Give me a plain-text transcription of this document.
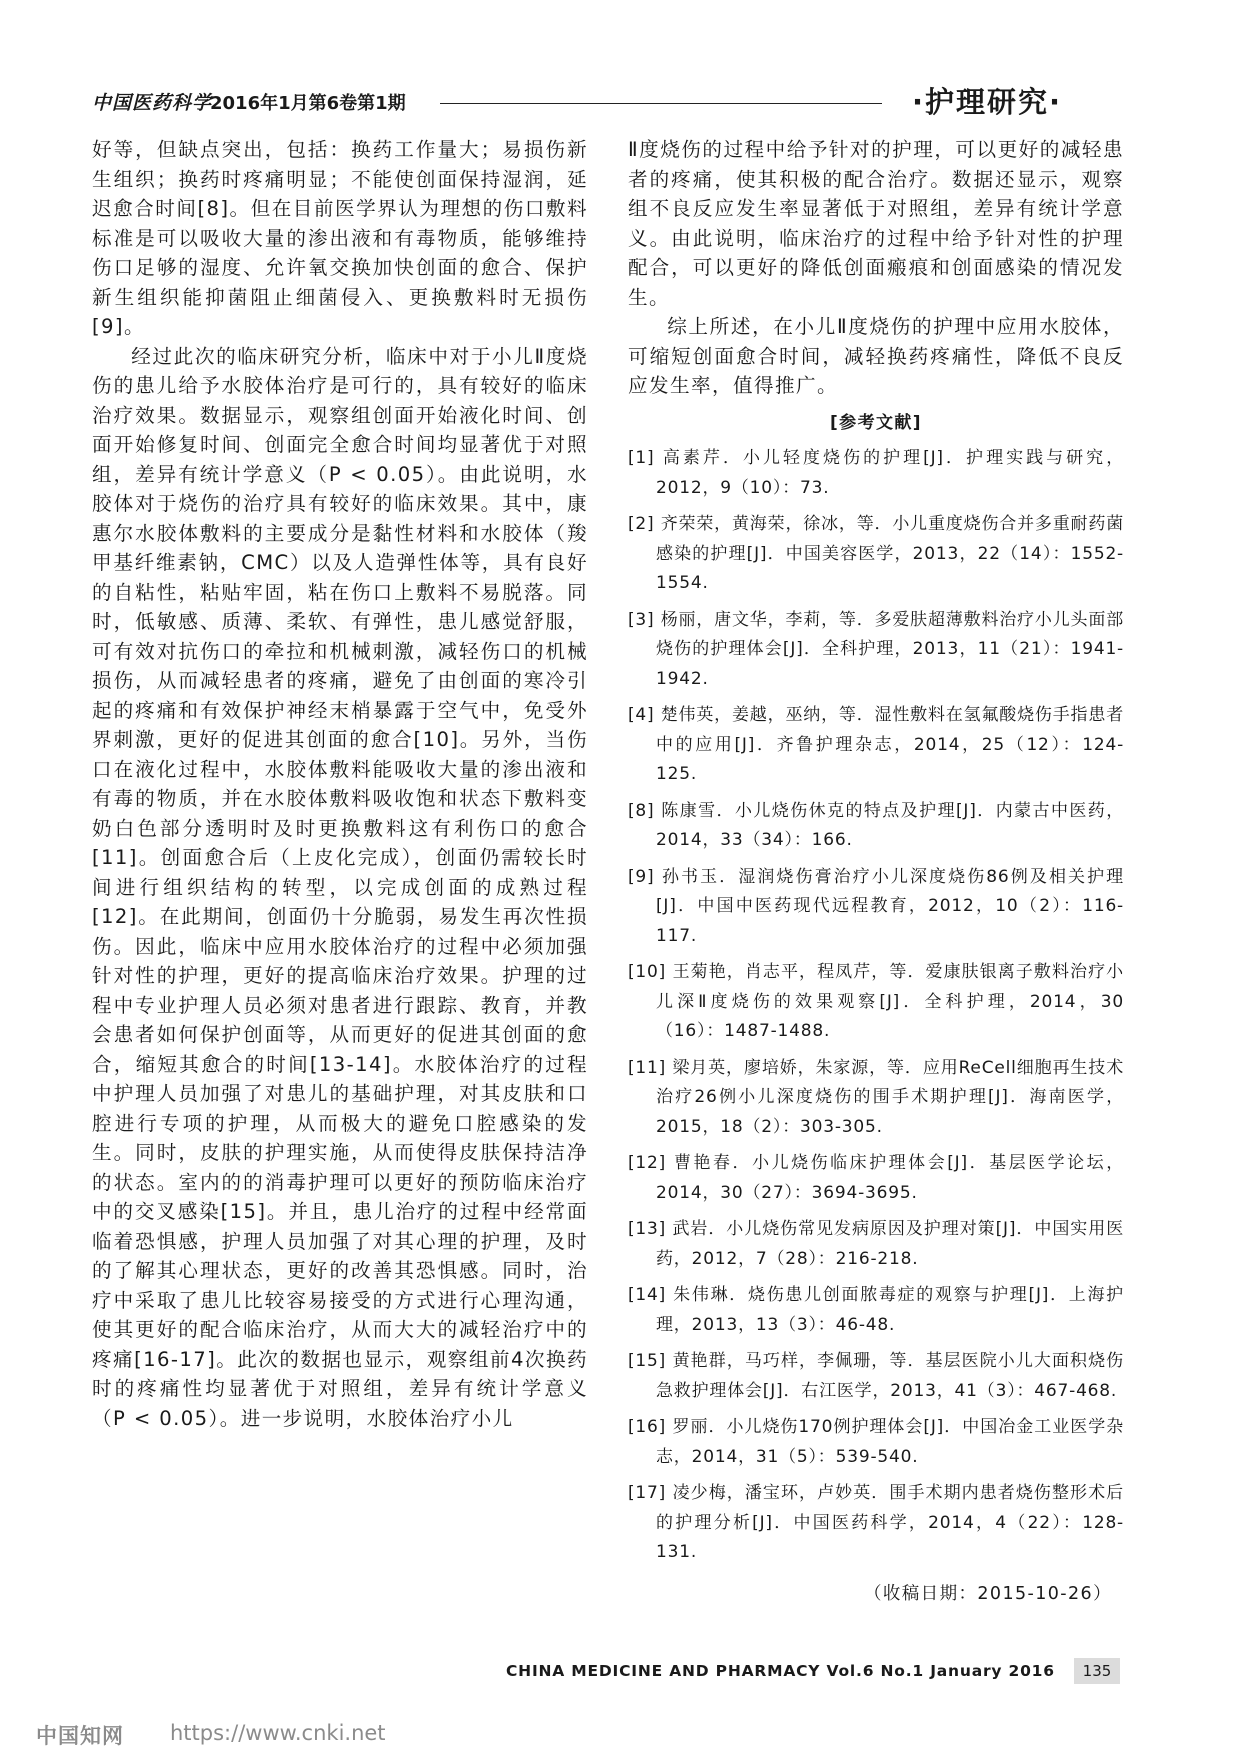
中国医药科学
2016年1月第6卷第1期	·护理研究·

好等，但缺点突出，包括：换药工作量大；易损伤新生组织；换药时疼痛明显；不能使创面保持湿润，延迟愈合时间[8]。但在目前医学界认为理想的伤口敷料标准是可以吸收大量的渗出液和有毒物质，能够维持伤口足够的湿度、允许氧交换加快创面的愈合、保护新生组织能抑菌阻止细菌侵入、更换敷料时无损伤[9]。

经过此次的临床研究分析，临床中对于小儿Ⅱ度烧伤的患儿给予水胶体治疗是可行的，具有较好的临床治疗效果。数据显示，观察组创面开始液化时间、创面开始修复时间、创面完全愈合时间均显著优于对照组，差异有统计学意义（P < 0.05）。由此说明，水胶体对于烧伤的治疗具有较好的临床效果。其中，康惠尔水胶体敷料的主要成分是黏性材料和水胶体（羧甲基纤维素钠，CMC）以及人造弹性体等，具有良好的自粘性，粘贴牢固，粘在伤口上敷料不易脱落。同时，低敏感、质薄、柔软、有弹性，患儿感觉舒服，可有效对抗伤口的牵拉和机械刺激，减轻伤口的机械损伤，从而减轻患者的疼痛，避免了由创面的寒冷引起的疼痛和有效保护神经末梢暴露于空气中，免受外界刺激，更好的促进其创面的愈合[10]。另外，当伤口在液化过程中，水胶体敷料能吸收大量的渗出液和有毒的物质，并在水胶体敷料吸收饱和状态下敷料变奶白色部分透明时及时更换敷料这有利伤口的愈合[11]。创面愈合后（上皮化完成），创面仍需较长时间进行组织结构的转型，以完成创面的成熟过程[12]。在此期间，创面仍十分脆弱，易发生再次性损伤。因此，临床中应用水胶体治疗的过程中必须加强针对性的护理，更好的提高临床治疗效果。护理的过程中专业护理人员必须对患者进行跟踪、教育，并教会患者如何保护创面等，从而更好的促进其创面的愈合，缩短其愈合的时间[13-14]。水胶体治疗的过程中护理人员加强了对患儿的基础护理，对其皮肤和口腔进行专项的护理，从而极大的避免口腔感染的发生。同时，皮肤的护理实施，从而使得皮肤保持洁净的状态。室内的的消毒护理可以更好的预防临床治疗中的交叉感染[15]。并且，患儿治疗的过程中经常面临着恐惧感，护理人员加强了对其心理的护理，及时的了解其心理状态，更好的改善其恐惧感。同时，治疗中采取了患儿比较容易接受的方式进行心理沟通，使其更好的配合临床治疗，从而大大的减轻治疗中的疼痛[16-17]。此次的数据也显示，观察组前4次换药时的疼痛性均显著优于对照组，差异有统计学意义（P < 0.05）。进一步说明，水胶体治疗小儿

Ⅱ度烧伤的过程中给予针对的护理，可以更好的减轻患者的疼痛，使其积极的配合治疗。数据还显示，观察组不良反应发生率显著低于对照组，差异有统计学意义。由此说明，临床治疗的过程中给予针对性的护理配合，可以更好的降低创面瘢痕和创面感染的情况发生。

综上所述，在小儿Ⅱ度烧伤的护理中应用水胶体，可缩短创面愈合时间，减轻换药疼痛性，降低不良反应发生率，值得推广。

[参考文献]

[1] 高素芹．小儿轻度烧伤的护理[J]．护理实践与研究，2012，9（10）：73.

[2] 齐荣荣，黄海荣，徐冰，等．小儿重度烧伤合并多重耐药菌感染的护理[J]．中国美容医学，2013，22（14）：1552-1554.

[3] 杨丽，唐文华，李莉，等．多爱肤超薄敷料治疗小儿头面部烧伤的护理体会[J]．全科护理，2013，11（21）：1941-1942.

[4] 楚伟英，姜越，巫纳，等．湿性敷料在氢氟酸烧伤手指患者中的应用[J]．齐鲁护理杂志，2014，25（12）：124-125.

[8] 陈康雪．小儿烧伤休克的特点及护理[J]．内蒙古中医药，2014，33（34）：166.

[9] 孙书玉．湿润烧伤膏治疗小儿深度烧伤86例及相关护理[J]．中国中医药现代远程教育，2012，10（2）：116-117.

[10] 王菊艳，肖志平，程凤芹，等．爱康肤银离子敷料治疗小儿深Ⅱ度烧伤的效果观察[J]．全科护理，2014，30（16）：1487-1488.

[11] 梁月英，廖培娇，朱家源，等．应用ReCell细胞再生技术治疗26例小儿深度烧伤的围手术期护理[J]．海南医学，2015，18（2）：303-305.

[12] 曹艳春．小儿烧伤临床护理体会[J]．基层医学论坛，2014，30（27）：3694-3695.

[13] 武岩．小儿烧伤常见发病原因及护理对策[J]．中国实用医药，2012，7（28）：216-218.

[14] 朱伟琳．烧伤患儿创面脓毒症的观察与护理[J]．上海护理，2013，13（3）：46-48.

[15] 黄艳群，马巧样，李佩珊，等．基层医院小儿大面积烧伤急救护理体会[J]．右江医学，2013，41（3）：467-468.

[16] 罗丽．小儿烧伤170例护理体会[J]．中国冶金工业医学杂志，2014，31（5）：539-540.

[17] 凌少梅，潘宝环，卢妙英．围手术期内患者烧伤整形术后的护理分析[J]．中国医药科学，2014，4（22）：128-131.

（收稿日期：2015-10-26）
CHINA MEDICINE AND PHARMACY Vol.6 No.1 January 2016	135
中国知网 https://www.cnki.net
